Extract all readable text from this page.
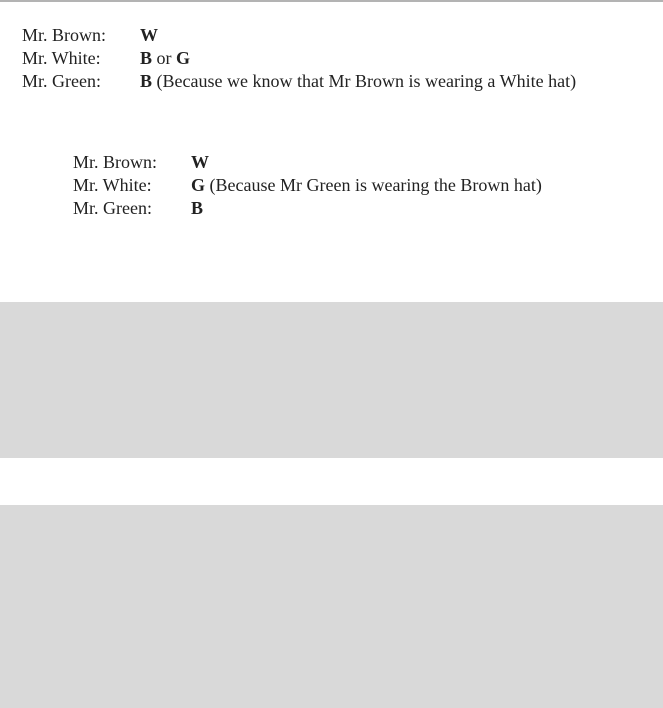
Mr. Brown:	W
Mr. White:	B or G
Mr. Green:	B (Because we know that Mr Brown is wearing a White hat)
Mr. Brown:	W
Mr. White:	G (Because Mr Green is wearing the Brown hat)
Mr. Green:	B
